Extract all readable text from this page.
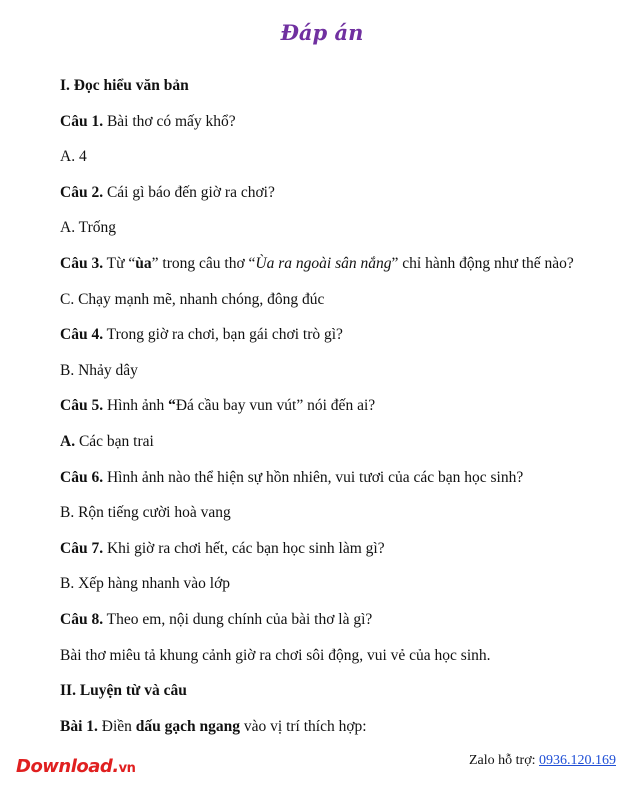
Đáp án
I. Đọc hiểu văn bản
Câu 1. Bài thơ có mấy khổ?
A. 4
Câu 2. Cái gì báo đến giờ ra chơi?
A. Trống
Câu 3. Từ “ùa” trong câu thơ “Ùa ra ngoài sân nắng” chỉ hành động như thế nào?
C. Chạy mạnh mẽ, nhanh chóng, đông đúc
Câu 4. Trong giờ ra chơi, bạn gái chơi trò gì?
B. Nhảy dây
Câu 5. Hình ảnh “Đá cầu bay vun vút” nói đến ai?
A. Các bạn trai
Câu 6. Hình ảnh nào thể hiện sự hồn nhiên, vui tươi của các bạn học sinh?
B. Rộn tiếng cười hoà vang
Câu 7. Khi giờ ra chơi hết, các bạn học sinh làm gì?
B. Xếp hàng nhanh vào lớp
Câu 8. Theo em, nội dung chính của bài thơ là gì?
Bài thơ miêu tả khung cảnh giờ ra chơi sôi động, vui vẻ của học sinh.
II. Luyện từ và câu
Bài 1. Điền dấu gạch ngang vào vị trí thích hợp:
Download.vn
Zalo hỗ trợ: 0936.120.169
